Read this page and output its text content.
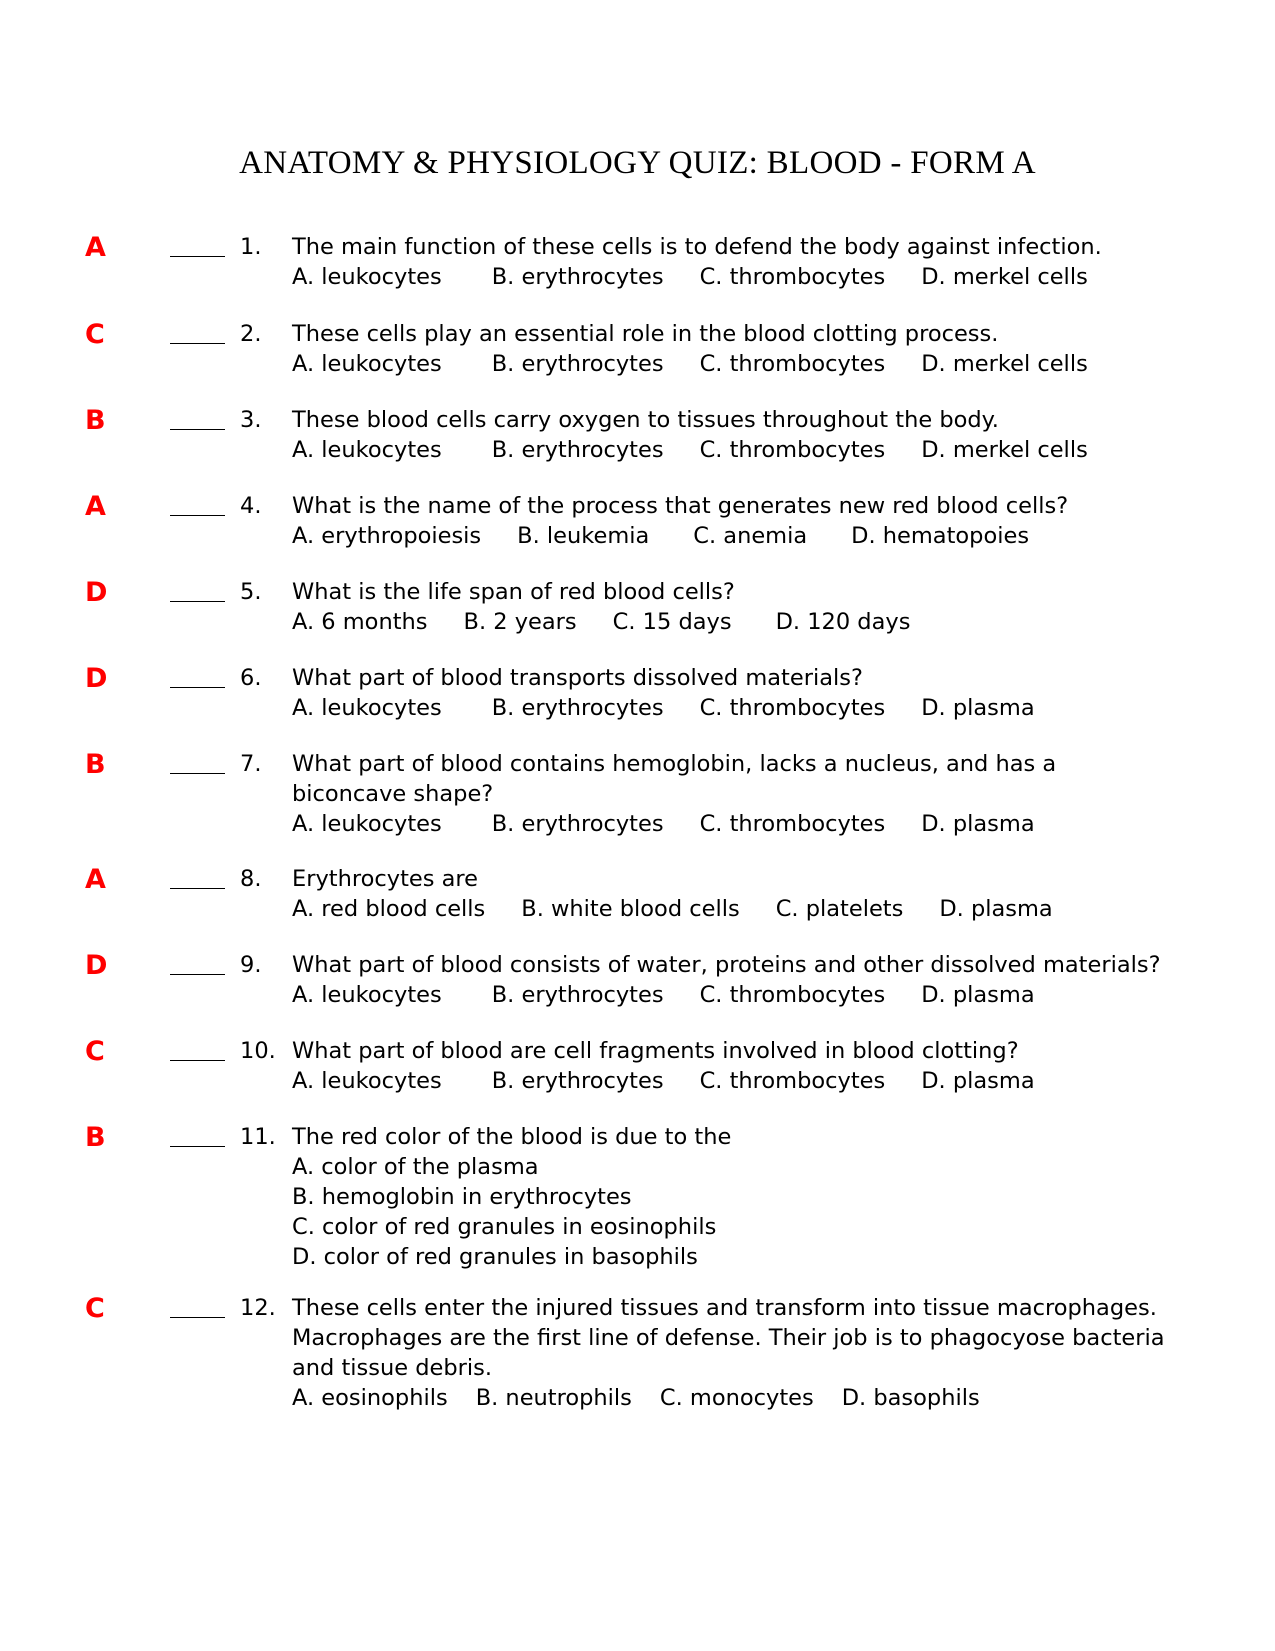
ANATOMY & PHYSIOLOGY QUIZ: BLOOD - FORM A
A	1. The main function of these cells is to defend the body against infection.
A. leukocytes B. erythrocytes C. thrombocytes D. merkel cells
C	2. These cells play an essential role in the blood clotting process.
A. leukocytes B. erythrocytes C. thrombocytes D. merkel cells
B	3. These blood cells carry oxygen to tissues throughout the body.
A. leukocytes B. erythrocytes C. thrombocytes D. merkel cells
A	4. What is the name of the process that generates new red blood cells?
A. erythropoiesis B. leukemia C. anemia D. hematopoies
D	5. What is the life span of red blood cells?
A. 6 months B. 2 years C. 15 days D. 120 days
D	6. What part of blood transports dissolved materials?
A. leukocytes B. erythrocytes C. thrombocytes D. plasma
B	7. What part of blood contains hemoglobin, lacks a nucleus, and has a biconcave shape?
A. leukocytes B. erythrocytes C. thrombocytes D. plasma
A	8. Erythrocytes are
A. red blood cells B. white blood cells C. platelets D. plasma
D	9. What part of blood consists of water, proteins and other dissolved materials?
A. leukocytes B. erythrocytes C. thrombocytes D. plasma
C	10. What part of blood are cell fragments involved in blood clotting?
A. leukocytes B. erythrocytes C. thrombocytes D. plasma
B	11. The red color of the blood is due to the
A. color of the plasma
B. hemoglobin in erythrocytes
C. color of red granules in eosinophils
D. color of red granules in basophils
C	12. These cells enter the injured tissues and transform into tissue macrophages. Macrophages are the first line of defense. Their job is to phagocyose bacteria and tissue debris.
A. eosinophils B. neutrophils C. monocytes D. basophils
